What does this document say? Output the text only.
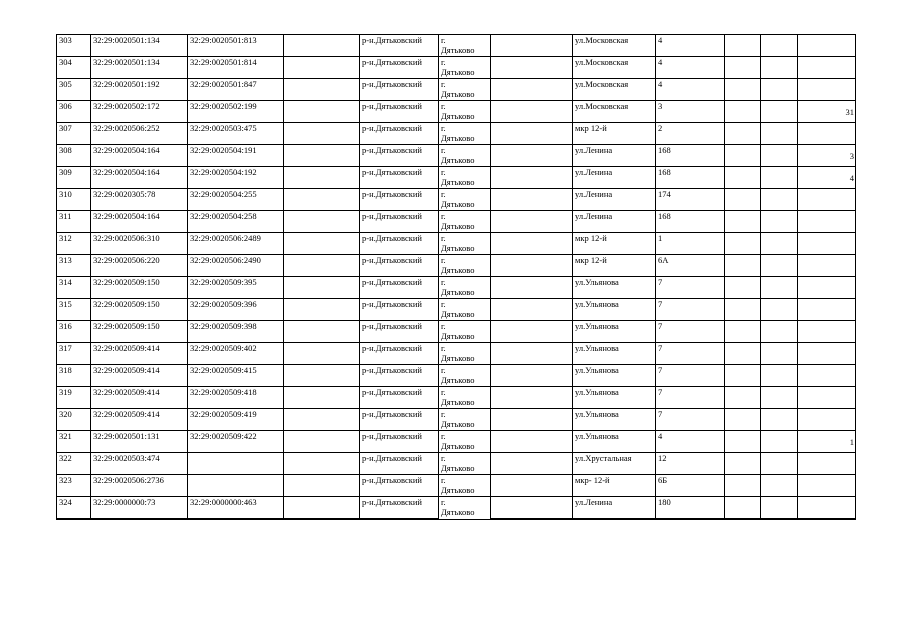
303	32:29:0020501:134	32:29:0020501:813		р-н.Дятьковский	г.
Дятьково		ул.Московская	4			
304	32:29:0020501:134	32:29:0020501:814		р-н.Дятьковский	г.
Дятьково		ул.Московская	4			
305	32:29:0020501:192	32:29:0020501:847		р-н.Дятьковский	г.
Дятьково		ул.Московская	4			
306	32:29:0020502:172	32:29:0020502:199		р-н.Дятьковский	г.
Дятьково		ул.Московская	3			31
307	32:29:0020506:252	32:29:0020503:475		р-н.Дятьковский	г.
Дятьково		мкр 12-й	2			
308	32:29:0020504:164	32:29:0020504:191		р-н.Дятьковский	г.
Дятьково		ул.Ленина	168			3
309	32:29:0020504:164	32:29:0020504:192		р-н.Дятьковский	г.
Дятьково		ул.Ленина	168			4
310	32:29:0020305:78	32:29:0020504:255		р-н.Дятьковский	г.
Дятьково		ул.Ленина	174			
311	32:29:0020504:164	32:29:0020504:258		р-н.Дятьковский	г.
Дятьково		ул.Ленина	168			
312	32:29:0020506:310	32:29:0020506:2489		р-н.Дятьковский	г.
Дятьково		мкр 12-й	1			
313	32:29:0020506:220	32:29:0020506:2490		р-н.Дятьковский	г.
Дятьково		мкр 12-й	6А			
314	32:29:0020509:150	32:29:0020509:395		р-н.Дятьковский	г.
Дятьково		ул.Ульянова	7			
315	32:29:0020509:150	32:29:0020509:396		р-н.Дятьковский	г.
Дятьково		ул.Ульянова	7			
316	32:29:0020509:150	32:29:0020509:398		р-н.Дятьковский	г.
Дятьково		ул.Ульянова	7			
317	32:29:0020509:414	32:29:0020509:402		р-н.Дятьковский	г.
Дятьково		ул.Ульянова	7			
318	32:29:0020509:414	32:29:0020509:415		р-н.Дятьковский	г.
Дятьково		ул.Ульянова	7			
319	32:29:0020509:414	32:29:0020509:418		р-н.Дятьковский	г.
Дятьково		ул.Ульянова	7			
320	32:29:0020509:414	32:29:0020509:419		р-н.Дятьковский	г.
Дятьково		ул.Ульянова	7			
321	32:29:0020501:131	32:29:0020509:422		р-н.Дятьковский	г.
Дятьково		ул.Ульянова	4			1
322	32:29:0020503:474			р-н.Дятьковский	г.
Дятьково		ул.Хрустальная	12			
323	32:29:0020506:2736			р-н.Дятьковский	г.
Дятьково		мкр- 12-й	6Б			
324	32:29:0000000:73	32:29:0000000:463		р-н.Дятьковский	г.
Дятьково		ул.Ленина	180			
